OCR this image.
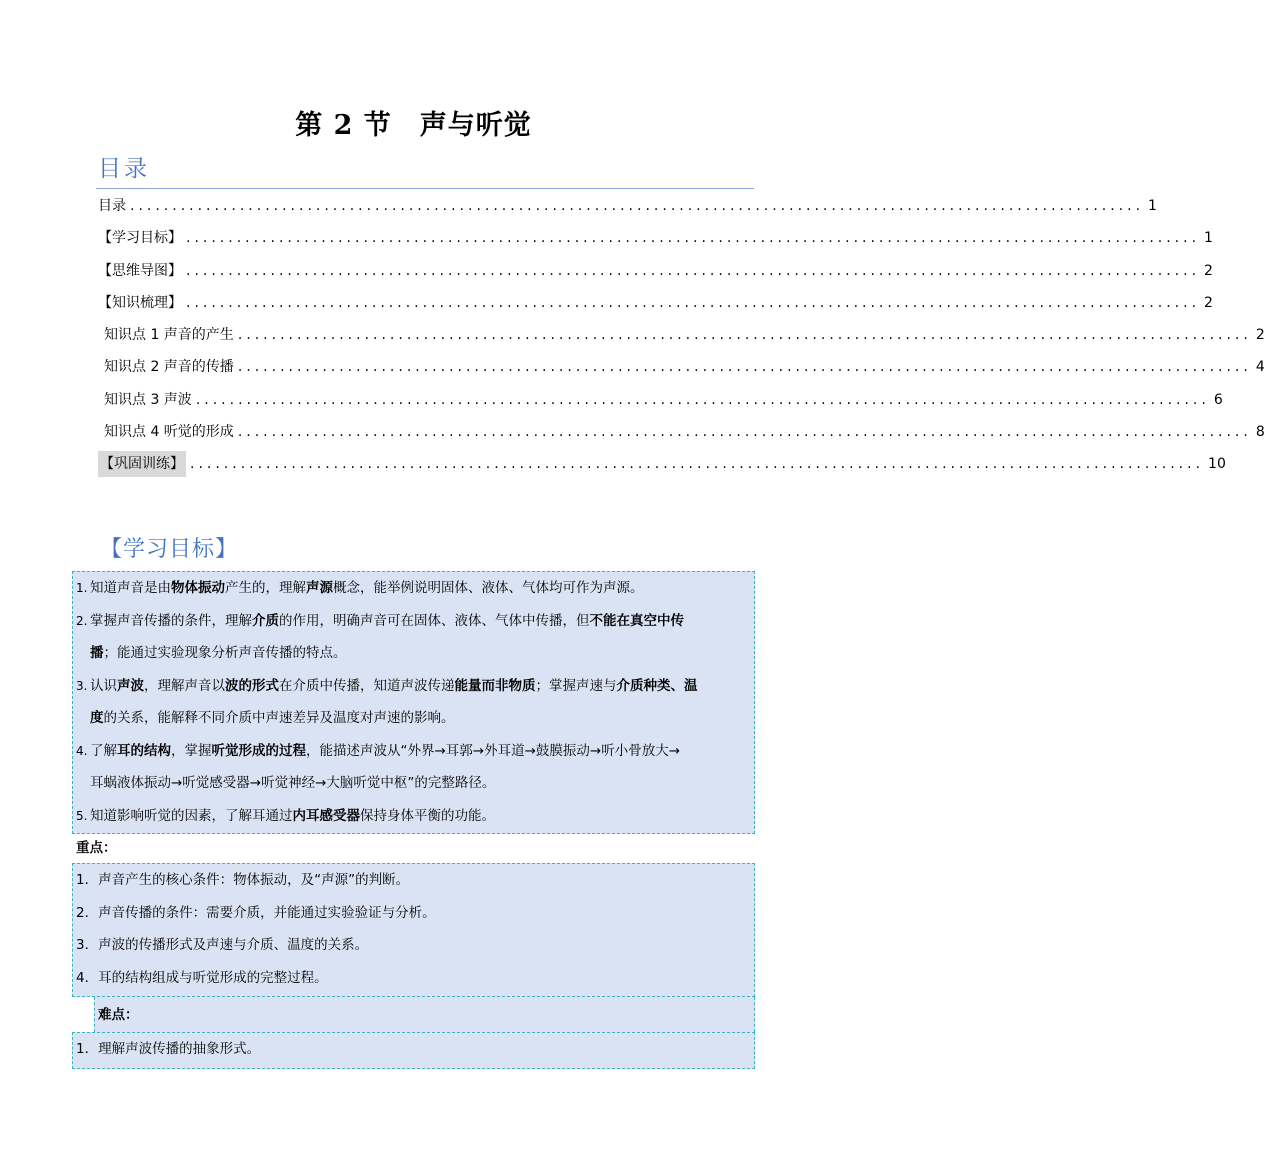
第 2 节　声与听觉
目录
目录 ........................................................................................................................ 1
【学习目标】 ........................................................................................................................ 1
【思维导图】 ........................................................................................................................ 2
【知识梳理】 ........................................................................................................................ 2
知识点 1 声音的产生 ........................................................................................................................ 2
知识点 2 声音的传播 ........................................................................................................................ 4
知识点 3 声波 ........................................................................................................................ 6
知识点 4 听觉的形成 ........................................................................................................................ 8
【巩固训练】 ........................................................................................................................ 10
【学习目标】
1. 知道声音是由物体振动产生的，理解声源概念，能举例说明固体、液体、气体均可作为声源。
2. 掌握声音传播的条件，理解介质的作用，明确声音可在固体、液体、气体中传播，但不能在真空中传
播；能通过实验现象分析声音传播的特点。
3. 认识声波，理解声音以波的形式在介质中传播，知道声波传递能量而非物质；掌握声速与介质种类、温
度的关系，能解释不同介质中声速差异及温度对声速的影响。
4. 了解耳的结构，掌握听觉形成的过程，能描述声波从“外界→耳郭→外耳道→鼓膜振动→听小骨放大→
耳蜗液体振动→听觉感受器→听觉神经→大脑听觉中枢”的完整路径。
5. 知道影响听觉的因素，了解耳通过内耳感受器保持身体平衡的功能。
重点：
1．声音产生的核心条件：物体振动，及“声源”的判断。
2．声音传播的条件：需要介质，并能通过实验验证与分析。
3．声波的传播形式及声速与介质、温度的关系。
4．耳的结构组成与听觉形成的完整过程。
难点：
1．理解声波传播的抽象形式。
